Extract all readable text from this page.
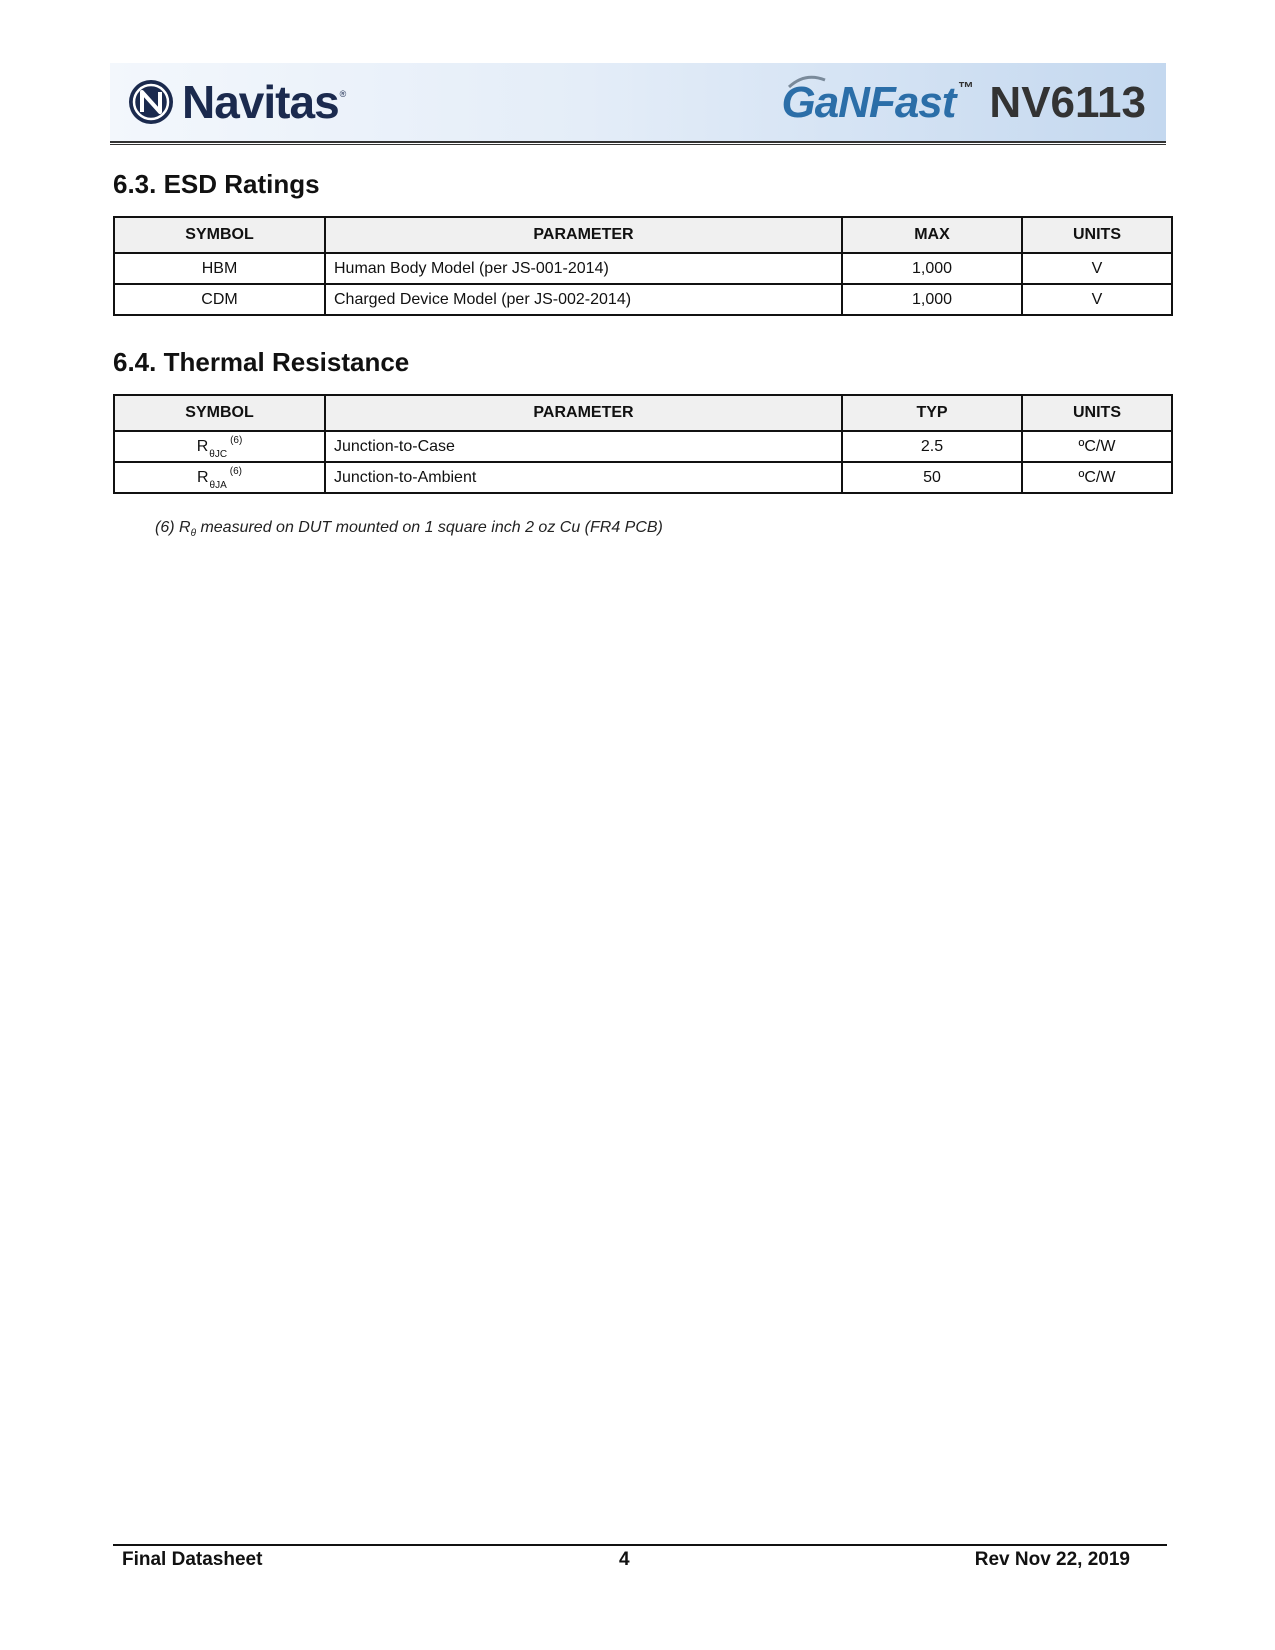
Navitas ®	GaNFast ™ NV6113
6.3. ESD Ratings
SYMBOL	PARAMETER	MAX	UNITS
HBM	Human Body Model (per JS-001-2014)	1,000	V
CDM	Charged Device Model (per JS-002-2014)	1,000	V
6.4. Thermal Resistance
SYMBOL	PARAMETER	TYP	UNITS
$R_{\theta JC}^{(6)}$	Junction-to-Case	2.5	ºC/W
$R_{\theta JA}^{(6)}$	Junction-to-Ambient	50	ºC/W
(6) $R_\theta$ measured on DUT mounted on 1 square inch 2 oz Cu (FR4 PCB)
Final Datasheet	4	Rev Nov 22, 2019
